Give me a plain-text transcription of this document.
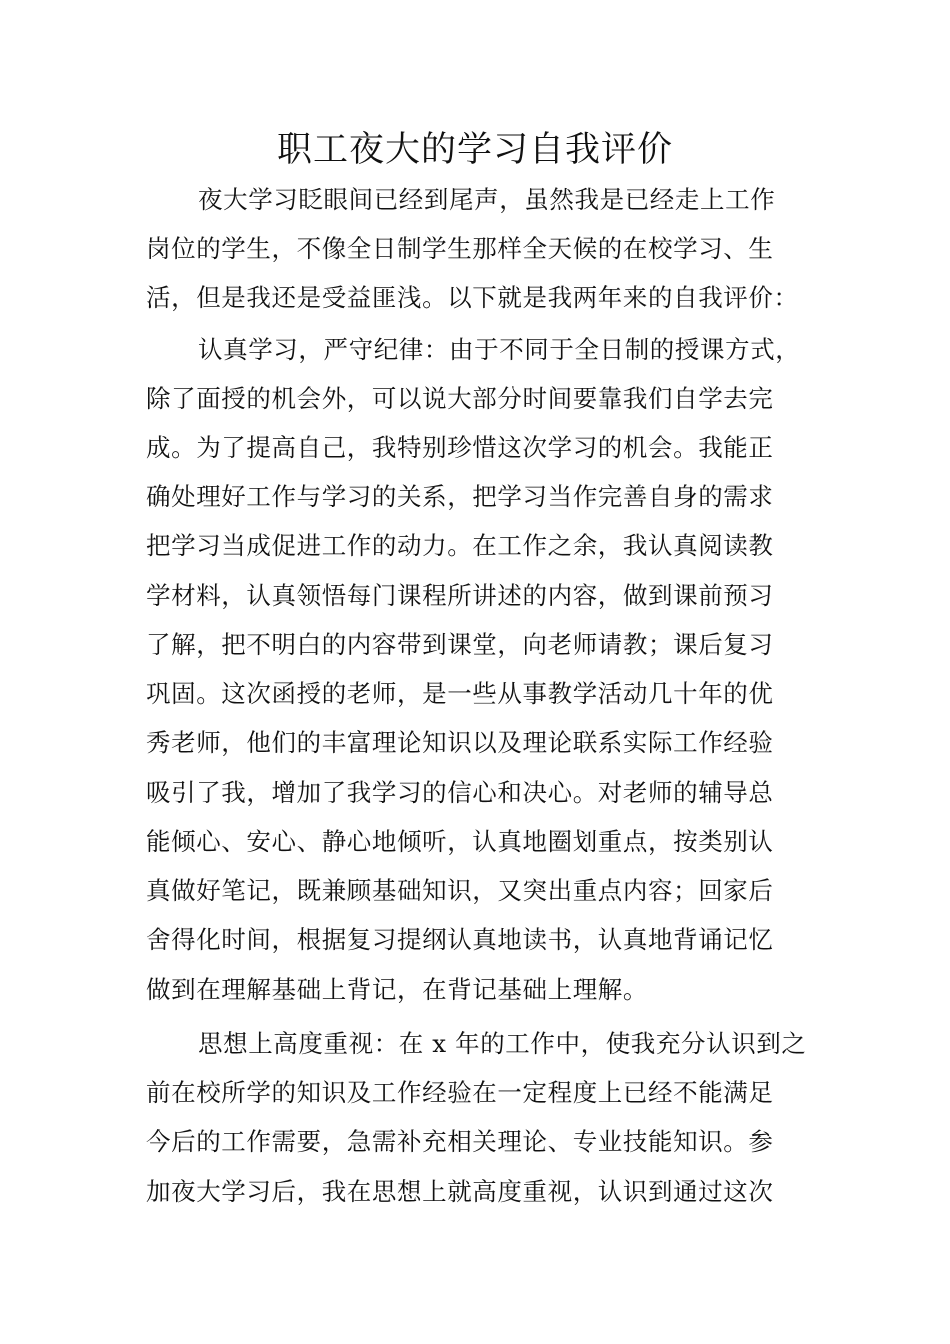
职工夜大的学习自我评价
夜大学习眨眼间已经到尾声，虽然我是已经走上工作
岗位的学生，不像全日制学生那样全天候的在校学习、生
活，但是我还是受益匪浅。以下就是我两年来的自我评价：
认真学习，严守纪律：由于不同于全日制的授课方式，
除了面授的机会外，可以说大部分时间要靠我们自学去完
成。为了提高自己，我特别珍惜这次学习的机会。我能正
确处理好工作与学习的关系，把学习当作完善自身的需求
把学习当成促进工作的动力。在工作之余，我认真阅读教
学材料，认真领悟每门课程所讲述的内容，做到课前预习
了解，把不明白的内容带到课堂，向老师请教；课后复习
巩固。这次函授的老师，是一些从事教学活动几十年的优
秀老师，他们的丰富理论知识以及理论联系实际工作经验
吸引了我，增加了我学习的信心和决心。对老师的辅导总
能倾心、安心、静心地倾听，认真地圈划重点，按类别认
真做好笔记，既兼顾基础知识，又突出重点内容；回家后
舍得化时间，根据复习提纲认真地读书，认真地背诵记忆
做到在理解基础上背记，在背记基础上理解。
思想上高度重视：在 x 年的工作中，使我充分认识到之
前在校所学的知识及工作经验在一定程度上已经不能满足
今后的工作需要，急需补充相关理论、专业技能知识。参
加夜大学习后，我在思想上就高度重视，认识到通过这次
